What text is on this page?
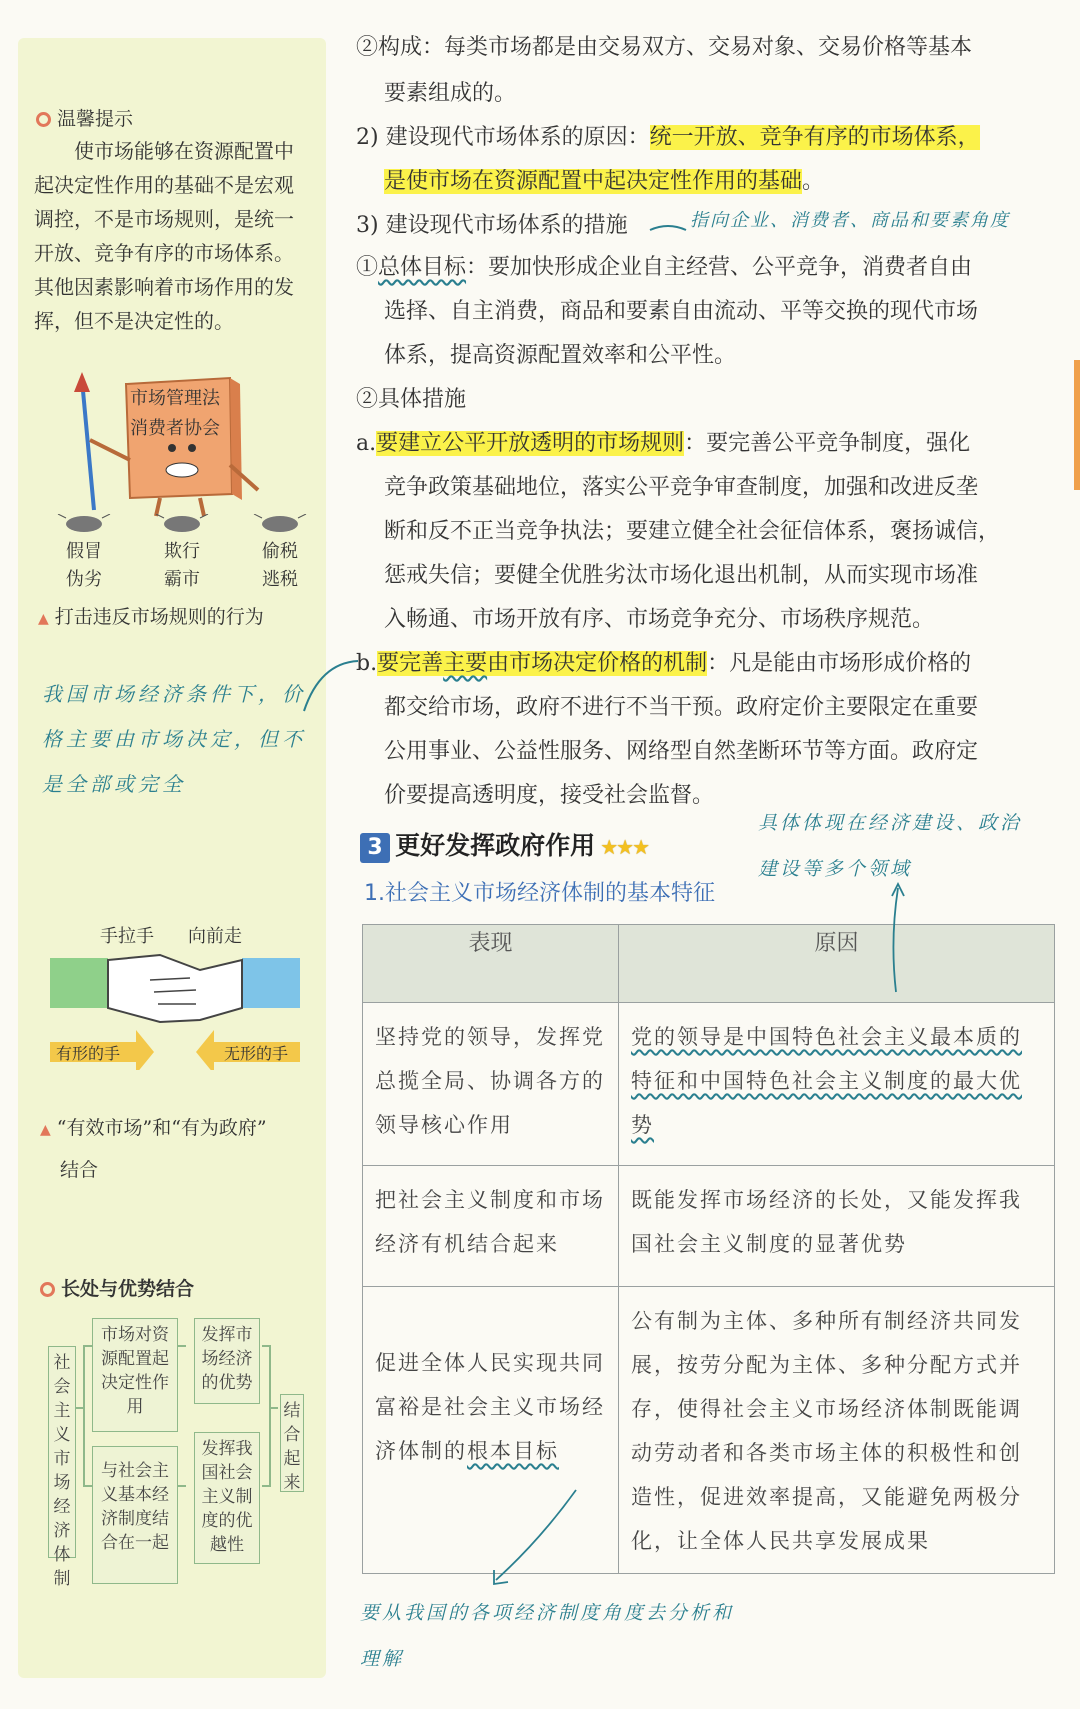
温馨提示
使市场能够在资源配置中起决定性作用的基础不是宏观调控，不是市场规则，是统一开放、竞争有序的市场体系。其他因素影响着市场作用的发挥，但不是决定性的。
市场管理法
消费者协会
假冒伪劣
欺行霸市
偷税逃税
▲ 打击违反市场规则的行为
我国市场经济条件下，价格主要由市场决定，但不是全部或完全
手拉手 向前走
有形的手	无形的手
▲ “有效市场”和“有为政府”
结合
长处与优势结合
社会主义市场经济体制
市场对资源配置起决定性作用
与社会主义基本经济制度结合在一起
发挥市场经济的优势
发挥我国社会主义制度的优越性
结合起来
②构成：每类市场都是由交易双方、交易对象、交易价格等基本
要素组成的。
2) 建设现代市场体系的原因：统一开放、竞争有序的市场体系，
是使市场在资源配置中起决定性作用的基础。
3) 建设现代市场体系的措施	指向企业、消费者、商品和要素角度
①总体目标：要加快形成企业自主经营、公平竞争，消费者自由
选择、自主消费，商品和要素自由流动、平等交换的现代市场
体系，提高资源配置效率和公平性。
②具体措施
a.要建立公平开放透明的市场规则：要完善公平竞争制度，强化
竞争政策基础地位，落实公平竞争审查制度，加强和改进反垄
断和反不正当竞争执法；要建立健全社会征信体系，褒扬诚信，
惩戒失信；要健全优胜劣汰市场化退出机制，从而实现市场准
入畅通、市场开放有序、市场竞争充分、市场秩序规范。
b.要完善主要由市场决定价格的机制：凡是能由市场形成价格的
都交给市场，政府不进行不当干预。政府定价主要限定在重要
公用事业、公益性服务、网络型自然垄断环节等方面。政府定
价要提高透明度，接受社会监督。
3 更好发挥政府作用 ★★★
具体体现在经济建设、政治
建设等多个领域
1.社会主义市场经济体制的基本特征
表现	原因
坚持党的领导，发挥党总揽全局、协调各方的领导核心作用	党的领导是中国特色社会主义最本质的特征和中国特色社会主义制度的最大优势
把社会主义制度和市场经济有机结合起来	既能发挥市场经济的长处，又能发挥我国社会主义制度的显著优势
促进全体人民实现共同富裕是社会主义市场经济体制的根本目标	公有制为主体、多种所有制经济共同发展，按劳分配为主体、多种分配方式并存，使得社会主义市场经济体制既能调动劳动者和各类市场主体的积极性和创造性，促进效率提高，又能避免两极分化，让全体人民共享发展成果
要从我国的各项经济制度角度去分析和
理解
